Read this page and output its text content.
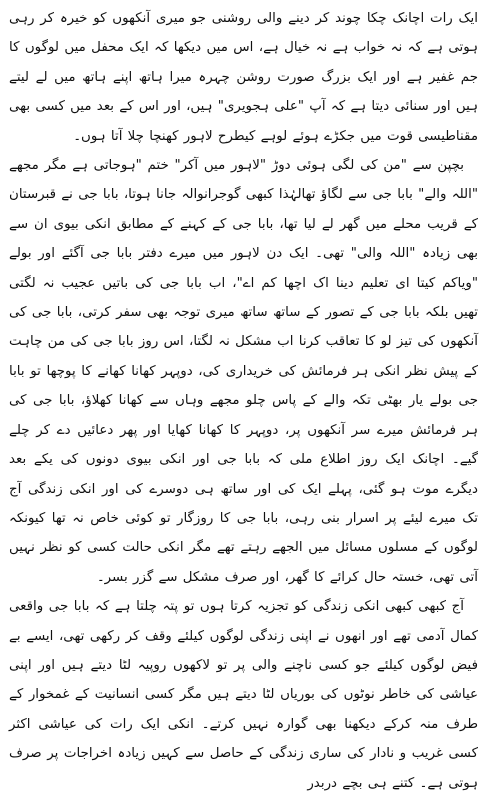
ایک رات اچانک چکا چوند کر دینے والی روشنی جو میری آنکھوں کو خیرہ کر رہی ہوتی ہے کہ نہ خواب ہے نہ خیال ہے، اس میں دیکھا کہ ایک محفل میں لوگوں کا جم غفیر ہے اور ایک بزرگ صورت روشن چہرہ میرا ہاتھ اپنے ہاتھ میں لے لیتے ہیں اور سنائی دیتا ہے کہ آپ "علی ہجویری" ہیں، اور اس کے بعد میں کسی بھی مقناطیسی قوت میں جکڑے ہوئے لوہے کیطرح لاہور کھنچا چلا آتا ہوں۔

بچپن سے "من کی لگی ہوئی دوڑ "لاہور میں آکر" ختم "ہوجاتی ہے مگر مجھے "اللہ والے" بابا جی سے لگاؤ تھالہٰذا کبھی گوجرانوالہ جانا ہوتا، بابا جی نے قبرستان کے قریب محلے میں گھر لے لیا تھا، بابا جی کے کہنے کے مطابق انکی بیوی ان سے بھی زیادہ "اللہ والی" تھی۔ ایک دن لاہور میں میرے دفتر بابا جی آگئے اور بولے "ویاکم کیتا ای تعلیم دینا اک اچھا کم اے"، اب بابا جی کی باتیں عجیب نہ لگتی تھیں بلکہ بابا جی کے تصور کے ساتھ ساتھ میری توجہ بھی سفر کرتی، بابا جی کی آنکھوں کی تیز لو کا تعاقب کرنا اب مشکل نہ لگتا، اس روز بابا جی کی من چاہت کے پیش نظر انکی ہر فرمائش کی خریداری کی، دوپہر کھانا کھانے کا پوچھا تو بابا جی بولے یار بھٹی تکہ والے کے پاس چلو مجھے وہاں سے کھانا کھلاؤ، بابا جی کی ہر فرمائش میرے سر آنکھوں پر، دوپہر کا کھانا کھایا اور پھر دعائیں دے کر چلے گیے۔ اچانک ایک روز اطلاع ملی کہ بابا جی اور انکی بیوی دونوں کی یکے بعد دیگرے موت ہو گئی، پہلے ایک کی اور ساتھ ہی دوسرے کی اور انکی زندگی آج تک میرے لیئے پر اسرار بنی رہی، بابا جی کا روزگار تو کوئی خاص نہ تھا کیونکہ لوگوں کے مسلوں مسائل میں الجھے رہتے تھے مگر انکی حالت کسی کو نظر نہیں آتی تھی، خستہ حال کرائے کا گھر، اور صرف مشکل سے گزر بسر۔

آج کبھی کبھی انکی زندگی کو تجزیہ کرتا ہوں تو پتہ چلتا ہے کہ بابا جی واقعی کمال آدمی تھے اور انھوں نے اپنی زندگی لوگوں کیلئے وقف کر رکھی تھی، ایسے بے فیض لوگوں کیلئے جو کسی ناچنے والی پر تو لاکھوں روپیہ لٹا دیتے ہیں اور اپنی عیاشی کی خاطر نوٹوں کی بوریاں لٹا دیتے ہیں مگر کسی انسانیت کے غمخوار کے طرف منہ کرکے دیکھنا بھی گوارہ نہیں کرتے۔ انکی ایک رات کی عیاشی اکثر کسی غریب و نادار کی ساری زندگی کے حاصل سے کہیں زیادہ اخراجات پر صرف ہوتی ہے۔ کتنے ہی بچے دربدر
